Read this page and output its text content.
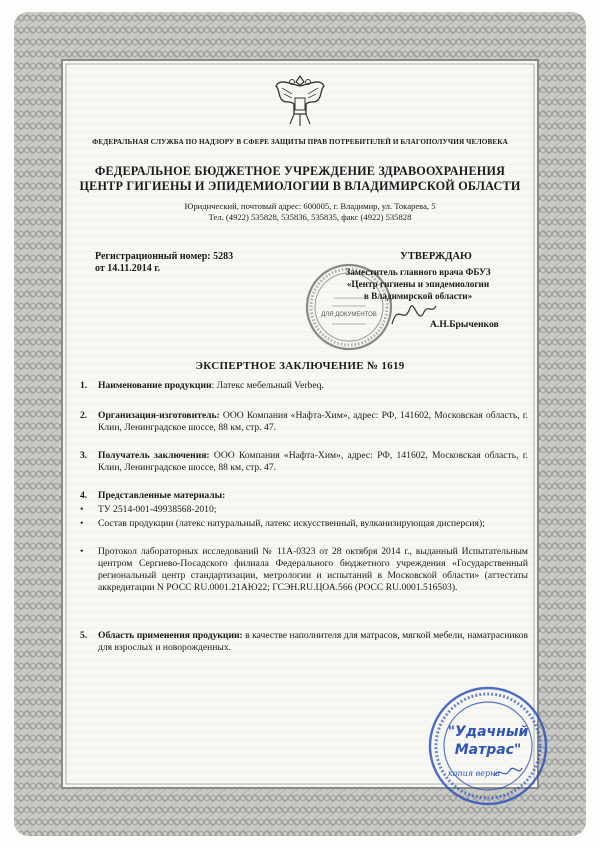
ДЛЯ ДОКУМЕНТОВ
"Удачный
Матрас"
копия верна
ФЕДЕРАЛЬНАЯ СЛУЖБА ПО НАДЗОРУ В СФЕРЕ ЗАЩИТЫ ПРАВ ПОТРЕБИТЕЛЕЙ И БЛАГОПОЛУЧИЯ ЧЕЛОВЕКА
ФЕДЕРАЛЬНОЕ БЮДЖЕТНОЕ УЧРЕЖДЕНИЕ ЗДРАВООХРАНЕНИЯ
ЦЕНТР ГИГИЕНЫ И ЭПИДЕМИОЛОГИИ В ВЛАДИМИРСКОЙ ОБЛАСТИ
Юридический, почтовый адрес: 600005, г. Владимир, ул. Токарева, 5
Тел. (4922) 535828, 535836, 535835, факс (4922) 535828
Регистрационный номер: 5283
от 14.11.2014 г.
УТВЕРЖДАЮ
Заместитель главного врача ФБУЗ
«Центр гигиены и эпидемиологии
в Владимирской области»
А.Н.Брыченков
ЭКСПЕРТНОЕ ЗАКЛЮЧЕНИЕ № 1619
1. Наименование продукции: Латекс мебельный Verbeq.
2. Организация-изготовитель: ООО Компания «Нафта-Хим», адрес: РФ, 141602, Московская область, г. Клин, Ленинградское шоссе, 88 км, стр. 47.
3. Получатель заключения: ООО Компания «Нафта-Хим», адрес: РФ, 141602, Московская область, г. Клин, Ленинградское шоссе, 88 км, стр. 47.
4. Представленные материалы:
• ТУ 2514-001-49938568-2010;
• Состав продукции (латекс натуральный, латекс искусственный, вулканизирующая дисперсия);
• Протокол лабораторных исследований № 11А-0323 от 28 октября 2014 г., выданный Испытательным центром Сергиево-Посадского филиала Федерального бюджетного учреждения «Государственный региональный центр стандартизации, метрологии и испытаний в Московской области» (аттестаты аккредитации N РОСС RU.0001.21АЮ22; ГСЭН.RU.ЦОА.566 (РОСС RU.0001.516503).
5. Область применения продукции: в качестве наполнителя для матрасов, мягкой мебели, наматрасников для взрослых и новорожденных.
